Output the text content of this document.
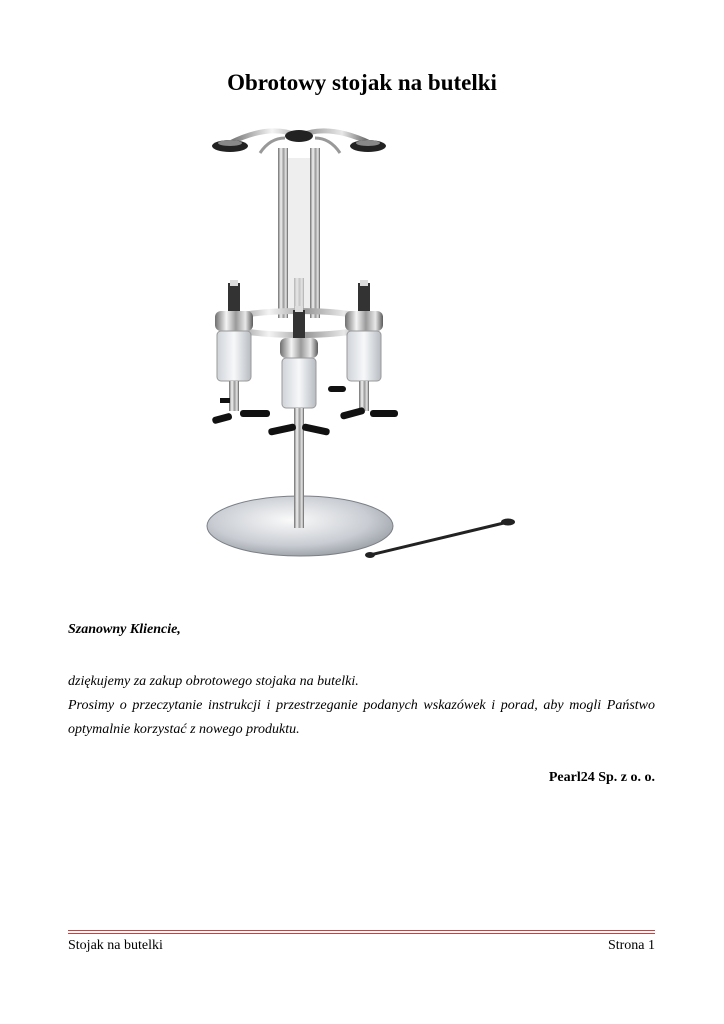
Obrotowy stojak na butelki

Szanowny Kliencie,

dziękujemy za zakup obrotowego stojaka na butelki.

Prosimy o przeczytanie instrukcji i przestrzeganie podanych wskazówek i porad, aby mogli Państwo optymalnie korzystać z nowego produktu.

Pearl24 Sp. z o. o.

Stojak na butelki	Strona 1
